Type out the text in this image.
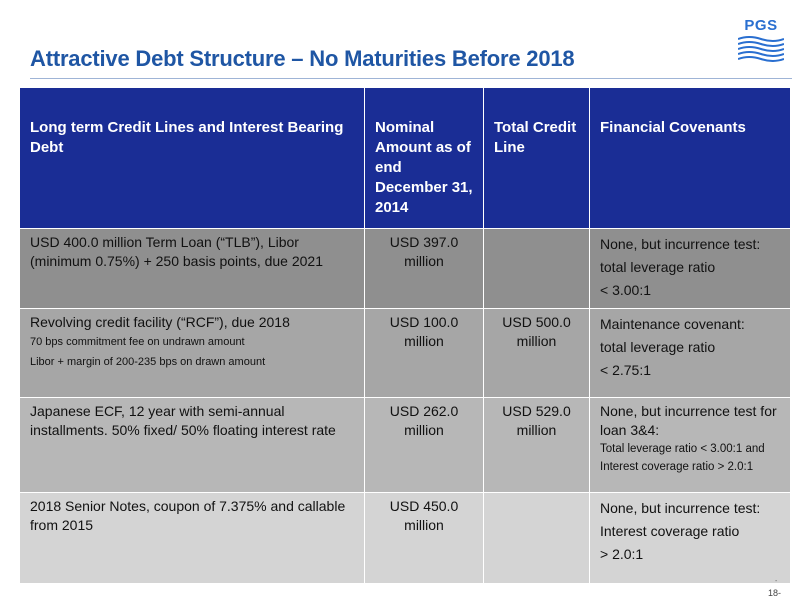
Attractive Debt Structure – No Maturities Before 2018
PGS
Long term Credit Lines and Interest Bearing Debt	Nominal Amount as of end December 31, 2014	Total Credit Line	Financial Covenants
USD 400.0 million Term Loan (“TLB”), Libor (minimum 0.75%) + 250 basis points, due 2021	USD 397.0 million		None, but incurrence test:
total leverage ratio
< 3.00:1

Revolving credit facility (“RCF”), due 2018
70 bps commitment fee on undrawn amount
Libor + margin of 200-235 bps on drawn amount	USD 100.0 million	USD 500.0 million	Maintenance covenant:
total leverage ratio
< 2.75:1

Japanese ECF, 12 year with semi-annual installments. 50% fixed/ 50% floating interest rate	USD 262.0 million	USD 529.0 million	None, but incurrence test for loan 3&4:
Total leverage ratio < 3.00:1 and Interest coverage ratio > 2.0:1

2018 Senior Notes, coupon of 7.375% and callable from 2015	USD 450.0 million		None, but incurrence test:
Interest coverage ratio
> 2.0:1
-
18-
